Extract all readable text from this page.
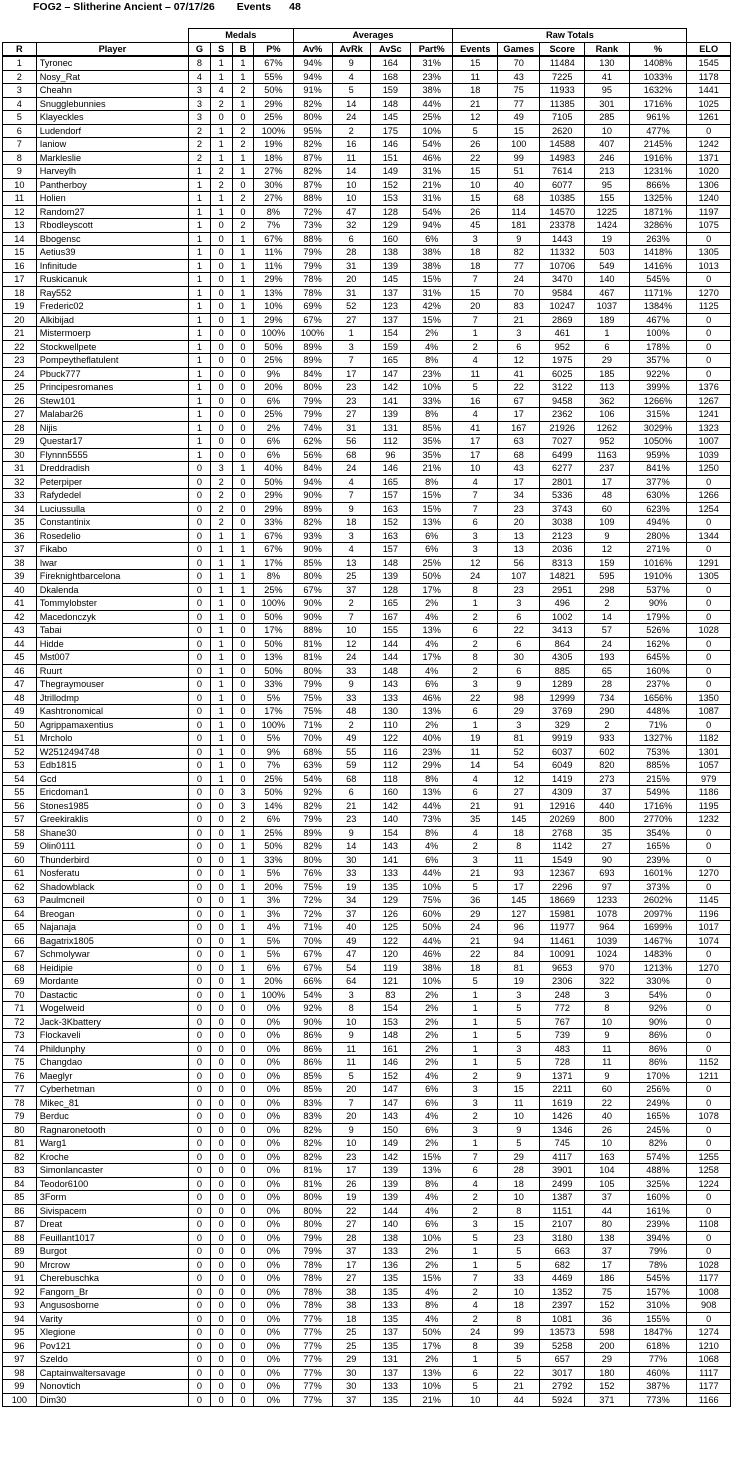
FOG2 – Slitherine Ancient – 07/17/26 Events 48
		Medals				Averages				Raw Totals					
R	Player	G	S	B	P%	Av%	AvRk	AvSc	Part%	Events	Games	Score	Rank	%	ELO
1	Tyronec	8	1	1	67%	94%	9	164	31%	15	70	11484	130	1408%	1545
2	Nosy_Rat	4	1	1	55%	94%	4	168	23%	11	43	7225	41	1033%	1178
3	Cheahn	3	4	2	50%	91%	5	159	38%	18	75	11933	95	1632%	1441
4	Snugglebunnies	3	2	1	29%	82%	14	148	44%	21	77	11385	301	1716%	1025
5	Klayeckles	3	0	0	25%	80%	24	145	25%	12	49	7105	285	961%	1261
6	Ludendorf	2	1	2	100%	95%	2	175	10%	5	15	2620	10	477%	0
7	Ianiow	2	1	2	19%	82%	16	146	54%	26	100	14588	407	2145%	1242
8	Markleslie	2	1	1	18%	87%	11	151	46%	22	99	14983	246	1916%	1371
9	Harveylh	1	2	1	27%	82%	14	149	31%	15	51	7614	213	1231%	1020
10	Pantherboy	1	2	0	30%	87%	10	152	21%	10	40	6077	95	866%	1306
11	Holien	1	1	2	27%	88%	10	153	31%	15	68	10385	155	1325%	1240
12	Random27	1	1	0	8%	72%	47	128	54%	26	114	14570	1225	1871%	1197
13	Rbodleyscott	1	0	2	7%	73%	32	129	94%	45	181	23378	1424	3286%	1075
14	Bbogensc	1	0	1	67%	88%	6	160	6%	3	9	1443	19	263%	0
15	Aetius39	1	0	1	11%	79%	28	138	38%	18	82	11332	503	1418%	1305
16	Infinitude	1	0	1	11%	79%	31	139	38%	18	77	10706	549	1416%	1013
17	Ruskicanuk	1	0	1	29%	78%	20	145	15%	7	24	3470	140	545%	0
18	Ray552	1	0	1	13%	78%	31	137	31%	15	70	9584	467	1171%	1270
19	Frederic02	1	0	1	10%	69%	52	123	42%	20	83	10247	1037	1384%	1125
20	Alkibijad	1	0	1	29%	67%	27	137	15%	7	21	2869	189	467%	0
21	Mistermoerp	1	0	0	100%	100%	1	154	2%	1	3	461	1	100%	0
22	Stockwellpete	1	0	0	50%	89%	3	159	4%	2	6	952	6	178%	0
23	Pompeytheflatulent	1	0	0	25%	89%	7	165	8%	4	12	1975	29	357%	0
24	Pbuck777	1	0	0	9%	84%	17	147	23%	11	41	6025	185	922%	0
25	Principesromanes	1	0	0	20%	80%	23	142	10%	5	22	3122	113	399%	1376
26	Stew101	1	0	0	6%	79%	23	141	33%	16	67	9458	362	1266%	1267
27	Malabar26	1	0	0	25%	79%	27	139	8%	4	17	2362	106	315%	1241
28	Nijis	1	0	0	2%	74%	31	131	85%	41	167	21926	1262	3029%	1323
29	Questar17	1	0	0	6%	62%	56	112	35%	17	63	7027	952	1050%	1007
30	Flynnn5555	1	0	0	6%	56%	68	96	35%	17	68	6499	1163	959%	1039
31	Dreddradish	0	3	1	40%	84%	24	146	21%	10	43	6277	237	841%	1250
32	Peterpiper	0	2	0	50%	94%	4	165	8%	4	17	2801	17	377%	0
33	Rafydedel	0	2	0	29%	90%	7	157	15%	7	34	5336	48	630%	1266
34	Luciussulla	0	2	0	29%	89%	9	163	15%	7	23	3743	60	623%	1254
35	Constantinix	0	2	0	33%	82%	18	152	13%	6	20	3038	109	494%	0
36	Rosedelio	0	1	1	67%	93%	3	163	6%	3	13	2123	9	280%	1344
37	Fikabo	0	1	1	67%	90%	4	157	6%	3	13	2036	12	271%	0
38	Iwar	0	1	1	17%	85%	13	148	25%	12	56	8313	159	1016%	1291
39	Fireknightbarcelona	0	1	1	8%	80%	25	139	50%	24	107	14821	595	1910%	1305
40	Dkalenda	0	1	1	25%	67%	37	128	17%	8	23	2951	298	537%	0
41	Tommylobster	0	1	0	100%	90%	2	165	2%	1	3	496	2	90%	0
42	Macedonczyk	0	1	0	50%	90%	7	167	4%	2	6	1002	14	179%	0
43	Tabai	0	1	0	17%	88%	10	155	13%	6	22	3413	57	526%	1028
44	Hidde	0	1	0	50%	81%	12	144	4%	2	6	864	24	162%	0
45	Mst007	0	1	0	13%	81%	24	144	17%	8	30	4305	193	645%	0
46	Ruurt	0	1	0	50%	80%	33	148	4%	2	6	885	65	160%	0
47	Thegraymouser	0	1	0	33%	79%	9	143	6%	3	9	1289	28	237%	0
48	Jtrillodmp	0	1	0	5%	75%	33	133	46%	22	98	12999	734	1656%	1350
49	Kashtronomical	0	1	0	17%	75%	48	130	13%	6	29	3769	290	448%	1087
50	Agrippamaxentius	0	1	0	100%	71%	2	110	2%	1	3	329	2	71%	0
51	Mrcholo	0	1	0	5%	70%	49	122	40%	19	81	9919	933	1327%	1182
52	W2512494748	0	1	0	9%	68%	55	116	23%	11	52	6037	602	753%	1301
53	Edb1815	0	1	0	7%	63%	59	112	29%	14	54	6049	820	885%	1057
54	Gcd	0	1	0	25%	54%	68	118	8%	4	12	1419	273	215%	979
55	Ericdoman1	0	0	3	50%	92%	6	160	13%	6	27	4309	37	549%	1186
56	Stones1985	0	0	3	14%	82%	21	142	44%	21	91	12916	440	1716%	1195
57	Greekiraklis	0	0	2	6%	79%	23	140	73%	35	145	20269	800	2770%	1232
58	Shane30	0	0	1	25%	89%	9	154	8%	4	18	2768	35	354%	0
59	Olin0111	0	0	1	50%	82%	14	143	4%	2	8	1142	27	165%	0
60	Thunderbird	0	0	1	33%	80%	30	141	6%	3	11	1549	90	239%	0
61	Nosferatu	0	0	1	5%	76%	33	133	44%	21	93	12367	693	1601%	1270
62	Shadowblack	0	0	1	20%	75%	19	135	10%	5	17	2296	97	373%	0
63	Paulmcneil	0	0	1	3%	72%	34	129	75%	36	145	18669	1233	2602%	1145
64	Breogan	0	0	1	3%	72%	37	126	60%	29	127	15981	1078	2097%	1196
65	Najanaja	0	0	1	4%	71%	40	125	50%	24	96	11977	964	1699%	1017
66	Bagatrix1805	0	0	1	5%	70%	49	122	44%	21	94	11461	1039	1467%	1074
67	Schmolywar	0	0	1	5%	67%	47	120	46%	22	84	10091	1024	1483%	0
68	Heidipie	0	0	1	6%	67%	54	119	38%	18	81	9653	970	1213%	1270
69	Mordante	0	0	1	20%	66%	64	121	10%	5	19	2306	322	330%	0
70	Dastactic	0	0	1	100%	54%	3	83	2%	1	3	248	3	54%	0
71	Wogelweid	0	0	0	0%	92%	8	154	2%	1	5	772	8	92%	0
72	Jack-3Kbattery	0	0	0	0%	90%	10	153	2%	1	5	767	10	90%	0
73	Flockaveli	0	0	0	0%	86%	9	148	2%	1	5	739	9	86%	0
74	Phildunphy	0	0	0	0%	86%	11	161	2%	1	3	483	11	86%	0
75	Changdao	0	0	0	0%	86%	11	146	2%	1	5	728	11	86%	1152
76	Maeglyr	0	0	0	0%	85%	5	152	4%	2	9	1371	9	170%	1211
77	Cyberhetman	0	0	0	0%	85%	20	147	6%	3	15	2211	60	256%	0
78	Mikec_81	0	0	0	0%	83%	7	147	6%	3	11	1619	22	249%	0
79	Berduc	0	0	0	0%	83%	20	143	4%	2	10	1426	40	165%	1078
80	Ragnaronetooth	0	0	0	0%	82%	9	150	6%	3	9	1346	26	245%	0
81	Warg1	0	0	0	0%	82%	10	149	2%	1	5	745	10	82%	0
82	Kroche	0	0	0	0%	82%	23	142	15%	7	29	4117	163	574%	1255
83	Simonlancaster	0	0	0	0%	81%	17	139	13%	6	28	3901	104	488%	1258
84	Teodor6100	0	0	0	0%	81%	26	139	8%	4	18	2499	105	325%	1224
85	3Form	0	0	0	0%	80%	19	139	4%	2	10	1387	37	160%	0
86	Sivispacem	0	0	0	0%	80%	22	144	4%	2	8	1151	44	161%	0
87	Dreat	0	0	0	0%	80%	27	140	6%	3	15	2107	80	239%	1108
88	Feuillant1017	0	0	0	0%	79%	28	138	10%	5	23	3180	138	394%	0
89	Burgot	0	0	0	0%	79%	37	133	2%	1	5	663	37	79%	0
90	Mrcrow	0	0	0	0%	78%	17	136	2%	1	5	682	17	78%	1028
91	Cherebuschka	0	0	0	0%	78%	27	135	15%	7	33	4469	186	545%	1177
92	Fangorn_Br	0	0	0	0%	78%	38	135	4%	2	10	1352	75	157%	1008
93	Angusosborne	0	0	0	0%	78%	38	133	8%	4	18	2397	152	310%	908
94	Varity	0	0	0	0%	77%	18	135	4%	2	8	1081	36	155%	0
95	Xlegione	0	0	0	0%	77%	25	137	50%	24	99	13573	598	1847%	1274
96	Pov121	0	0	0	0%	77%	25	135	17%	8	39	5258	200	618%	1210
97	Szeldo	0	0	0	0%	77%	29	131	2%	1	5	657	29	77%	1068
98	Captainwaltersavage	0	0	0	0%	77%	30	137	13%	6	22	3017	180	460%	1117
99	Nonovtich	0	0	0	0%	77%	30	133	10%	5	21	2792	152	387%	1177
100	Dim30	0	0	0	0%	77%	37	135	21%	10	44	5924	371	773%	1166
